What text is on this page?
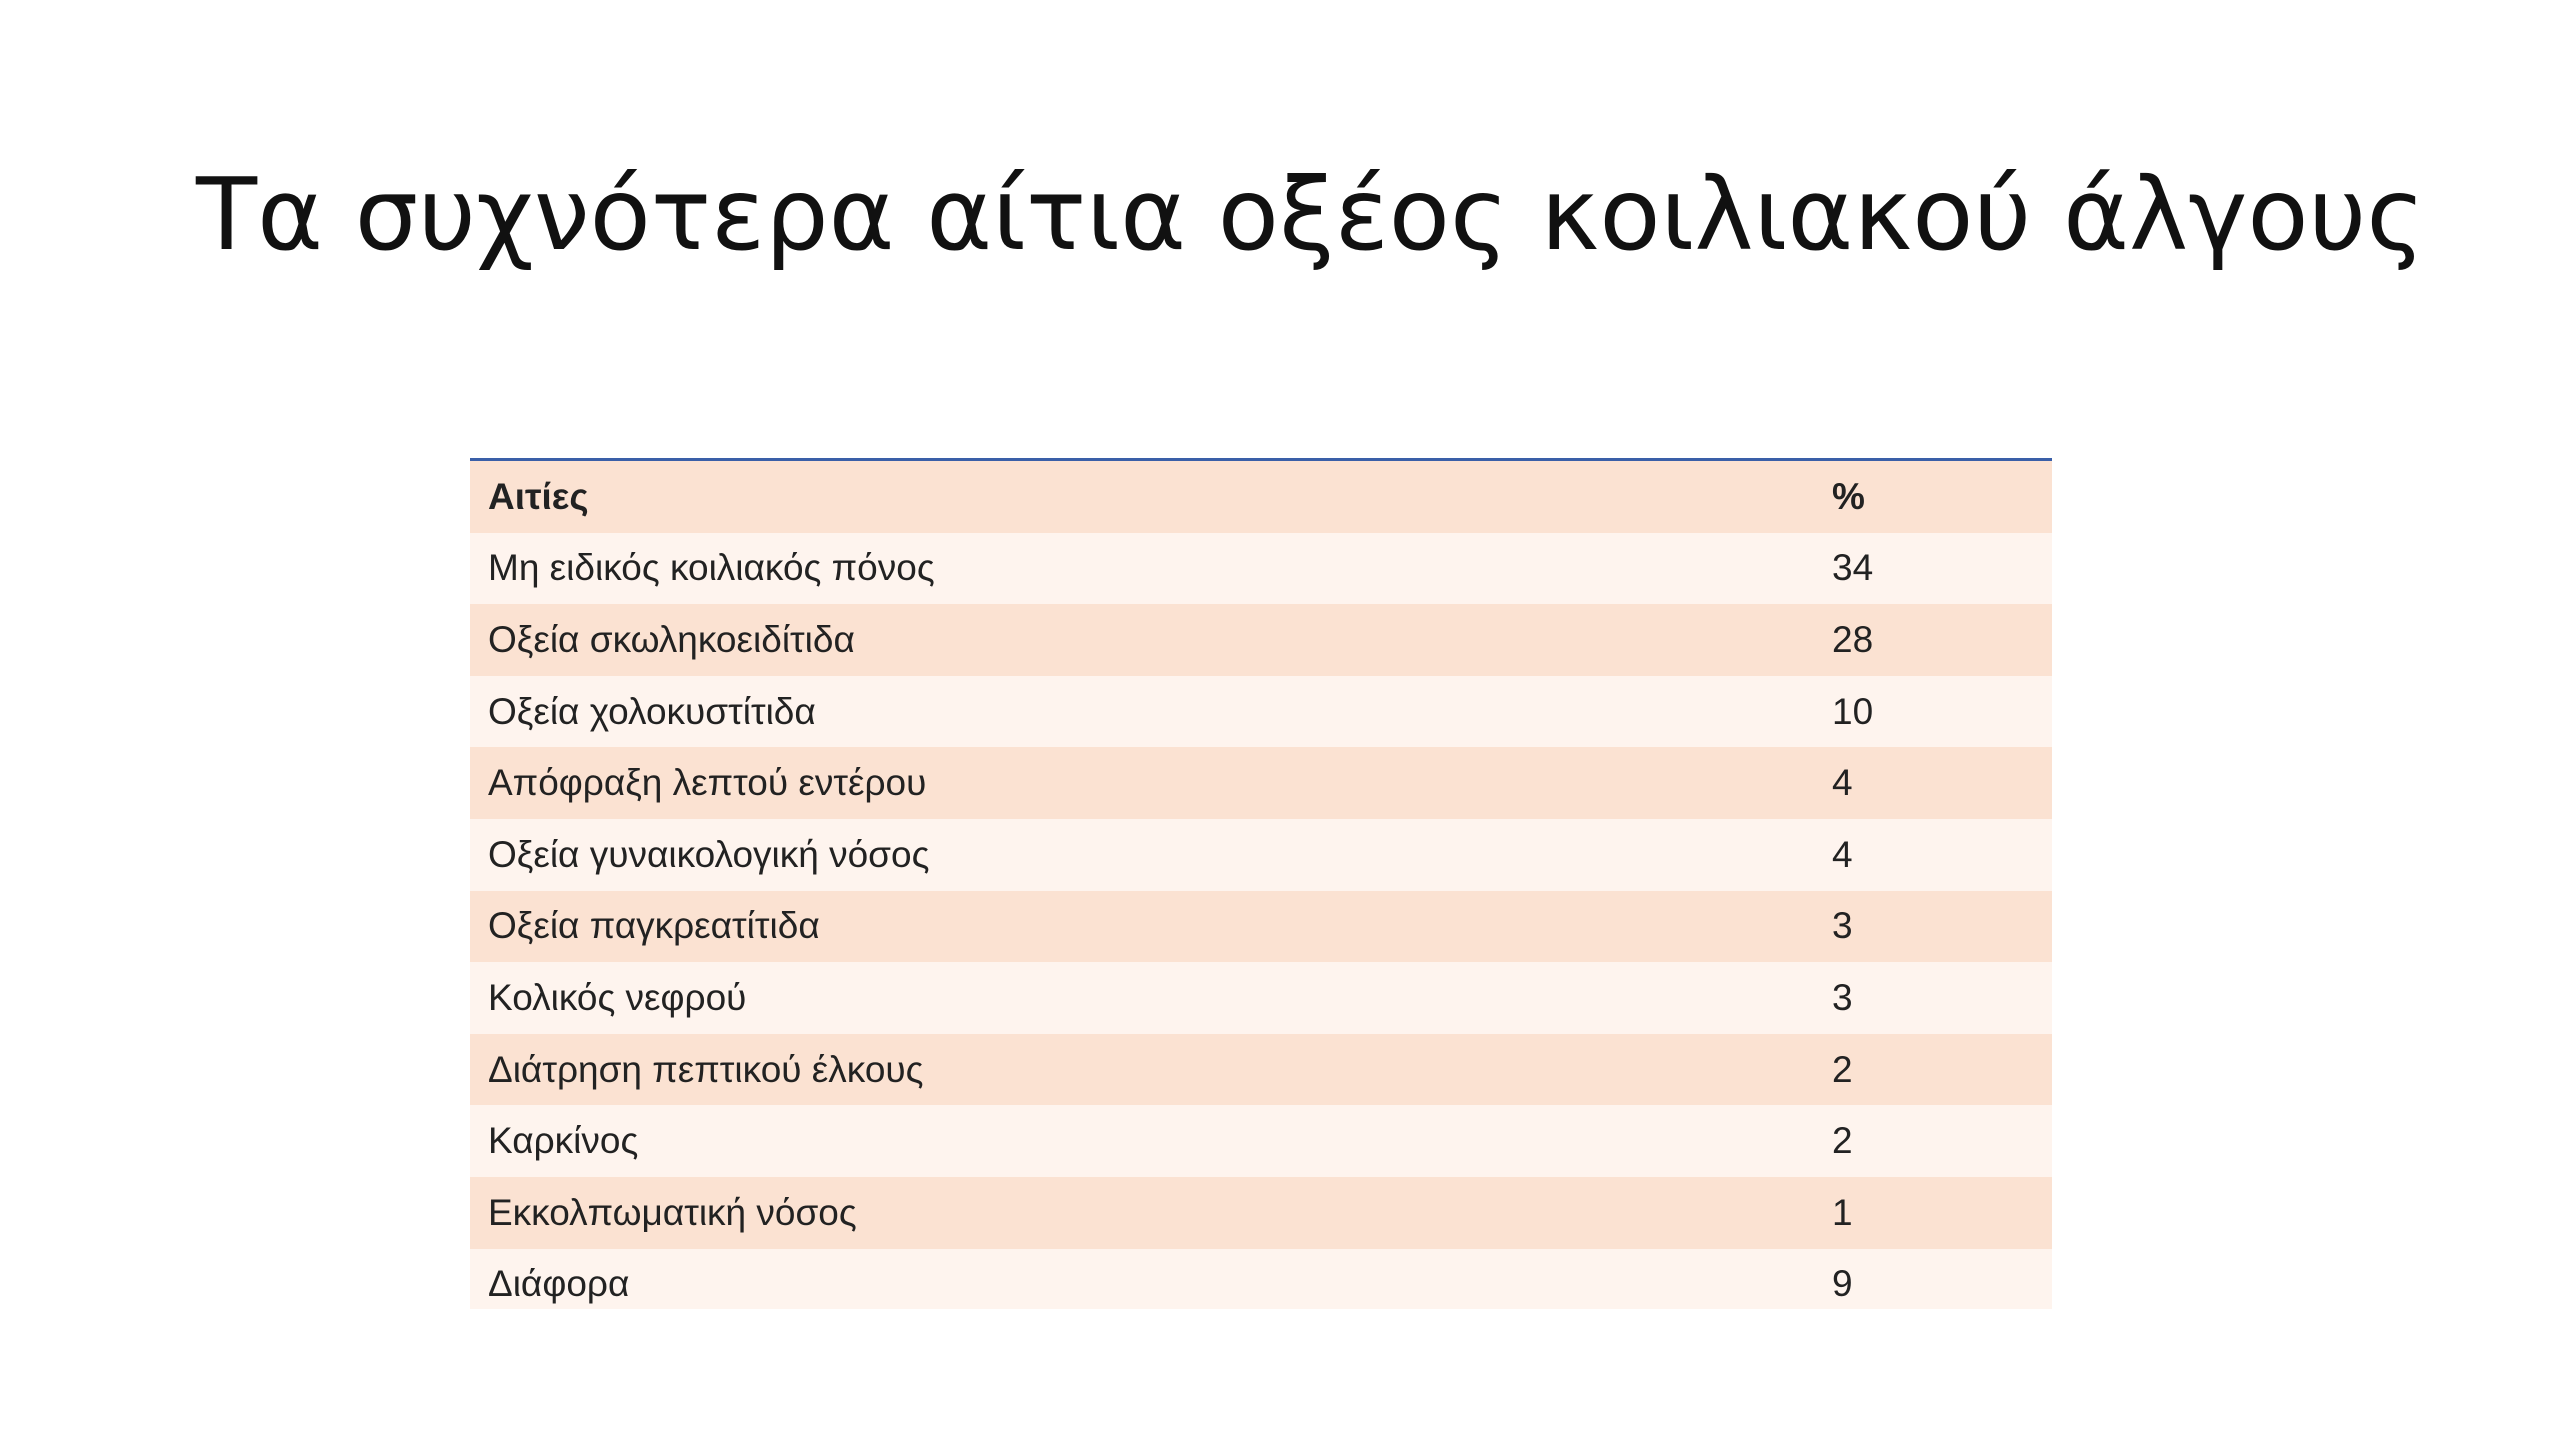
Τα συχνότερα αίτια οξέος κοιλιακού άλγους
Αιτίες	%
Μη ειδικός κοιλιακός πόνος	34
Οξεία σκωληκοειδίτιδα	28
Οξεία χολοκυστίτιδα	10
Απόφραξη λεπτού εντέρου	4
Οξεία γυναικολογική νόσος	4
Οξεία παγκρεατίτιδα	3
Κολικός νεφρού	3
Διάτρηση πεπτικού έλκους	2
Καρκίνος	2
Εκκολπωματική νόσος	1
Διάφορα	9
